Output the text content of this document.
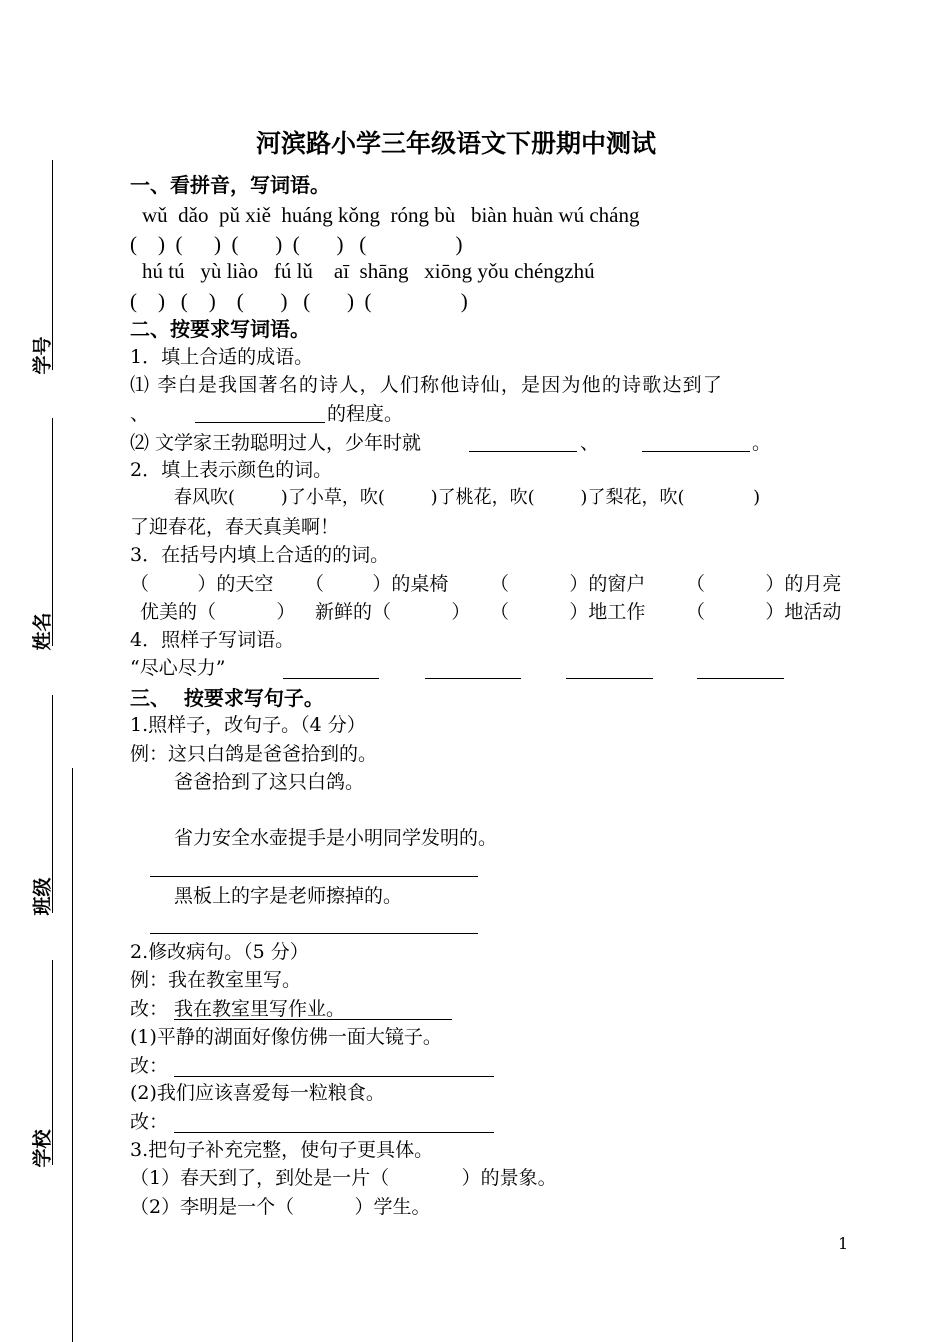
学号
姓名
班级
学校
河滨路小学三年级语文下册期中测试
一、看拼音，写词语。
wǔ  dǎo  pǔ xiě  huáng kǒng  róng bù   biàn huàn wú cháng
(    )  (      )  (       )  (       )   (                 )
hú tú   yù liào   fú lǔ    aī  shāng   xiōng yǒu chéngzhú
(    )   (    )    (       )   (       )  (                 )
二、按要求写词语。
1．填上合适的成语。
⑴ 李白是我国著名的诗人，人们称他诗仙，是因为他的诗歌达到了
、	的程度。
⑵ 文学家王勃聪明过人，少年时就	、	。
2．填上表示颜色的词。
春风吹(        )了小草，吹(        )了桃花，吹(        )了梨花，吹(            )
了迎春花，春天真美啊！
3．在括号内填上合适的的词。
（        ）的天空 （        ）的桌椅 （          ）的窗户 （          ）的月亮
优美的（          ） 新鲜的（          ） （          ）地工作 （          ）地活动
4．照样子写词语。
“尽心尽力”
三、  按要求写句子。
1.照样子，改句子。（4 分）
例：这只白鸽是爸爸拾到的。
爸爸拾到了这只白鸽。
省力安全水壶提手是小明同学发明的。
黑板上的字是老师擦掉的。
2.修改病句。（5 分）
例：我在教室里写。
改： 我在教室里写作业。
(1)平静的湖面好像仿佛一面大镜子。
改：
(2)我们应该喜爱每一粒粮食。
改：
3.把句子补充完整，使句子更具体。
（1）春天到了，到处是一片（            ）的景象。
（2）李明是一个（          ）学生。
1
